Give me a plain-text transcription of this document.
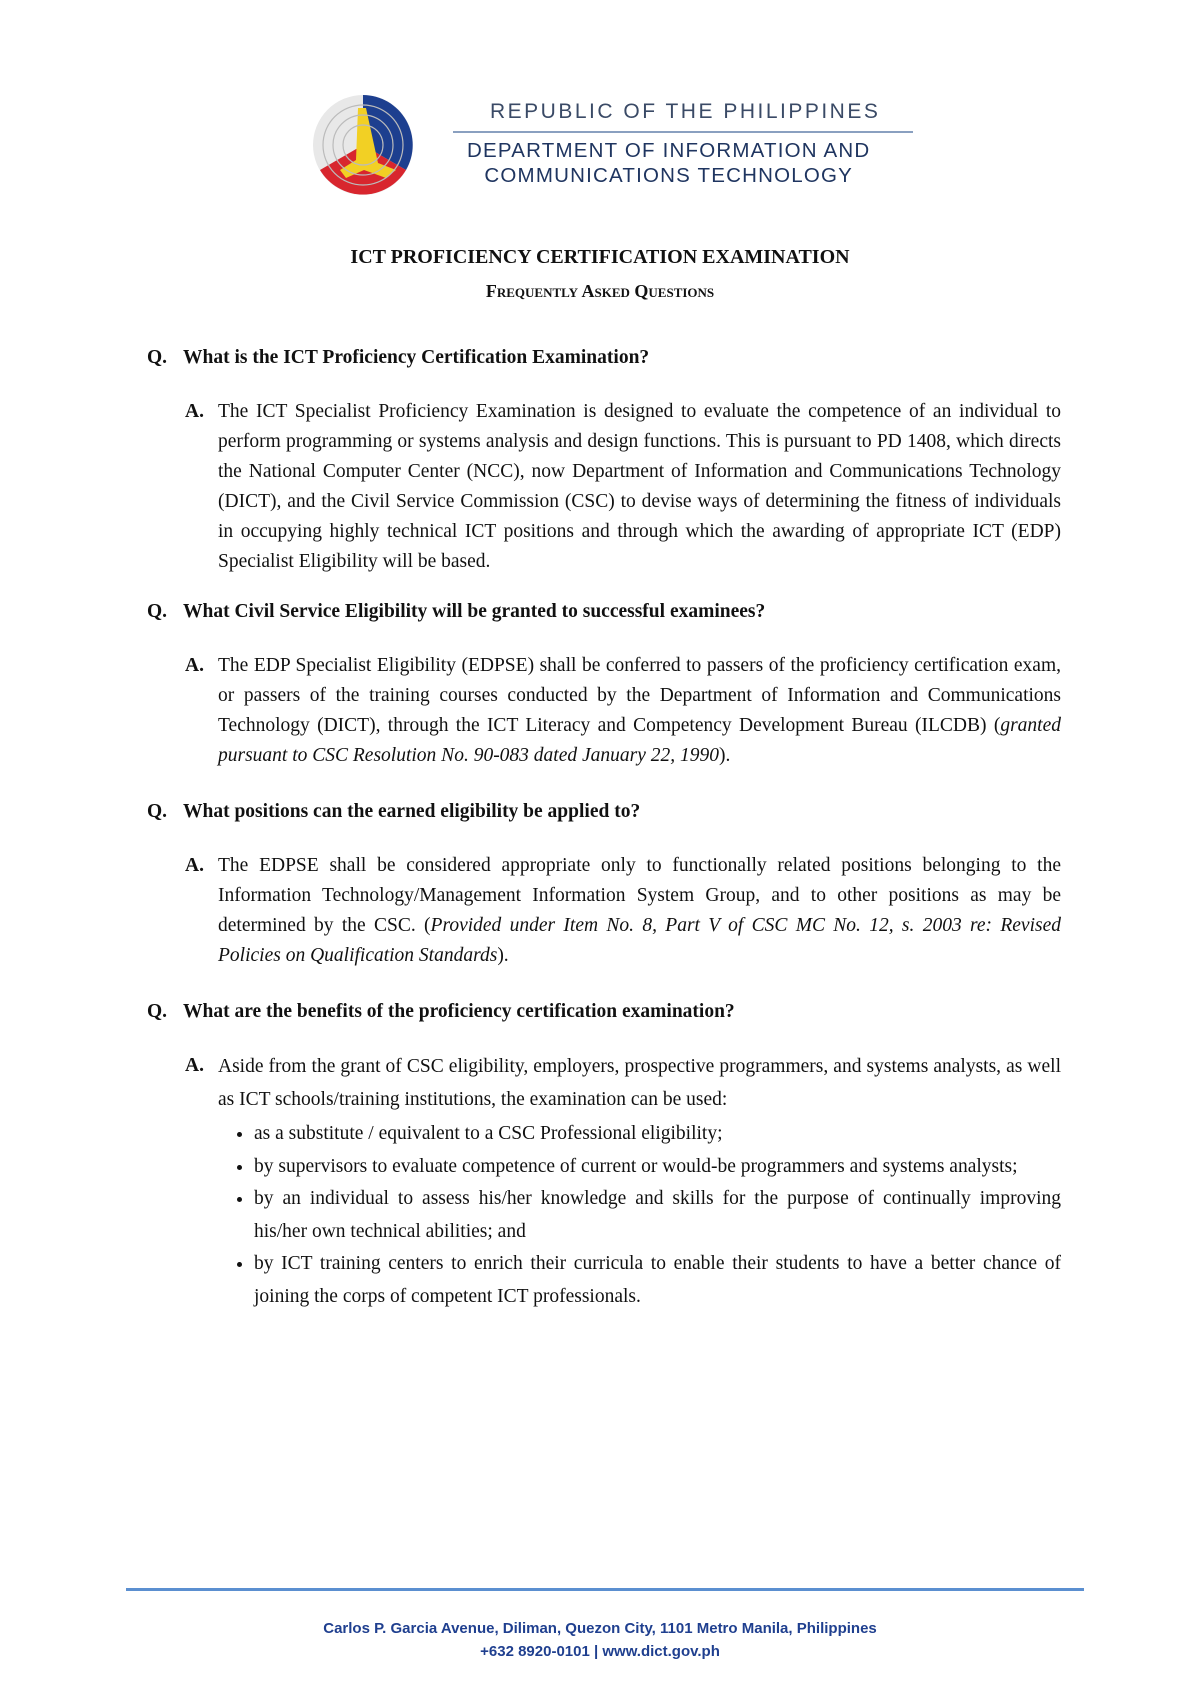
REPUBLIC OF THE PHILIPPINES
DEPARTMENT OF INFORMATION AND
COMMUNICATIONS TECHNOLOGY
ICT PROFICIENCY CERTIFICATION EXAMINATION
Frequently Asked Questions
Q. What is the ICT Proficiency Certification Examination?
A. The ICT Specialist Proficiency Examination is designed to evaluate the competence of an individual to perform programming or systems analysis and design functions. This is pursuant to PD 1408, which directs the National Computer Center (NCC), now Department of Information and Communications Technology (DICT), and the Civil Service Commission (CSC) to devise ways of determining the fitness of individuals in occupying highly technical ICT positions and through which the awarding of appropriate ICT (EDP) Specialist Eligibility will be based.
Q. What Civil Service Eligibility will be granted to successful examinees?
A. The EDP Specialist Eligibility (EDPSE) shall be conferred to passers of the proficiency certification exam, or passers of the training courses conducted by the Department of Information and Communications Technology (DICT), through the ICT Literacy and Competency Development Bureau (ILCDB) (granted pursuant to CSC Resolution No. 90-083 dated January 22, 1990).
Q. What positions can the earned eligibility be applied to?
A. The EDPSE shall be considered appropriate only to functionally related positions belonging to the Information Technology/Management Information System Group, and to other positions as may be determined by the CSC. (Provided under Item No. 8, Part V of CSC MC No. 12, s. 2003 re: Revised Policies on Qualification Standards).
Q. What are the benefits of the proficiency certification examination?
A. Aside from the grant of CSC eligibility, employers, prospective programmers, and systems analysts, as well as ICT schools/training institutions, the examination can be used:
• as a substitute / equivalent to a CSC Professional eligibility;
• by supervisors to evaluate competence of current or would-be programmers and systems analysts;
• by an individual to assess his/her knowledge and skills for the purpose of continually improving his/her own technical abilities; and
• by ICT training centers to enrich their curricula to enable their students to have a better chance of joining the corps of competent ICT professionals.
Carlos P. Garcia Avenue, Diliman, Quezon City, 1101 Metro Manila, Philippines
+632 8920-0101 | www.dict.gov.ph
